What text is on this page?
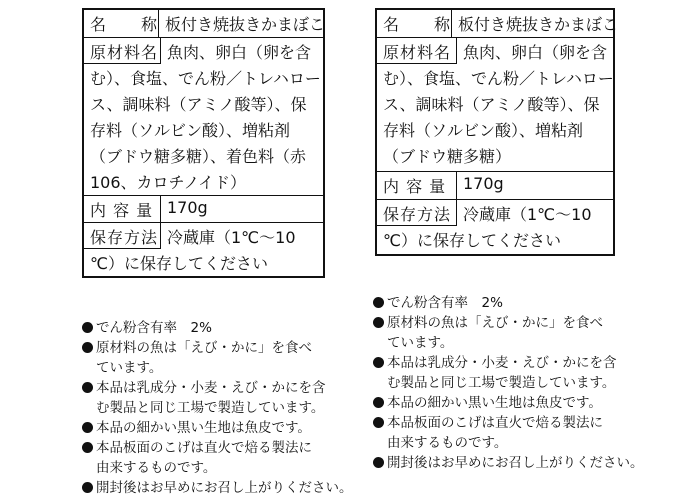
名　　称 板付き焼抜きかまぼこ
原材料名 魚肉、卵白（卵を含
む）、食塩、でん粉／トレハロー
ス、調味料（アミノ酸等）、保
存料（ソルビン酸）、増粘剤
（ブドウ糖多糖）、着色料（赤
106、カロチノイド）
内 容 量 170g
保存方法 冷蔵庫（1℃〜10
℃）に保存してください
名　　称 板付き焼抜きかまぼこ
原材料名 魚肉、卵白（卵を含
む）、食塩、でん粉／トレハロー
ス、調味料（アミノ酸等）、保
存料（ソルビン酸）、増粘剤
（ブドウ糖多糖）
内 容 量	170g
保存方法 冷蔵庫（1℃〜10
℃）に保存してください
でん粉含有率　2%
原材料の魚は「えび・かに」を食べ
ています。
本品は乳成分・小麦・えび・かにを含
む製品と同じ工場で製造しています。
本品の細かい黒い生地は魚皮です。
本品板面のこげは直火で焙る製法に
由来するものです。
開封後はお早めにお召し上がりください。
でん粉含有率　2%
原材料の魚は「えび・かに」を食べ
ています。
本品は乳成分・小麦・えび・かにを含
む製品と同じ工場で製造しています。
本品の細かい黒い生地は魚皮です。
本品板面のこげは直火で焙る製法に
由来するものです。
開封後はお早めにお召し上がりください。
